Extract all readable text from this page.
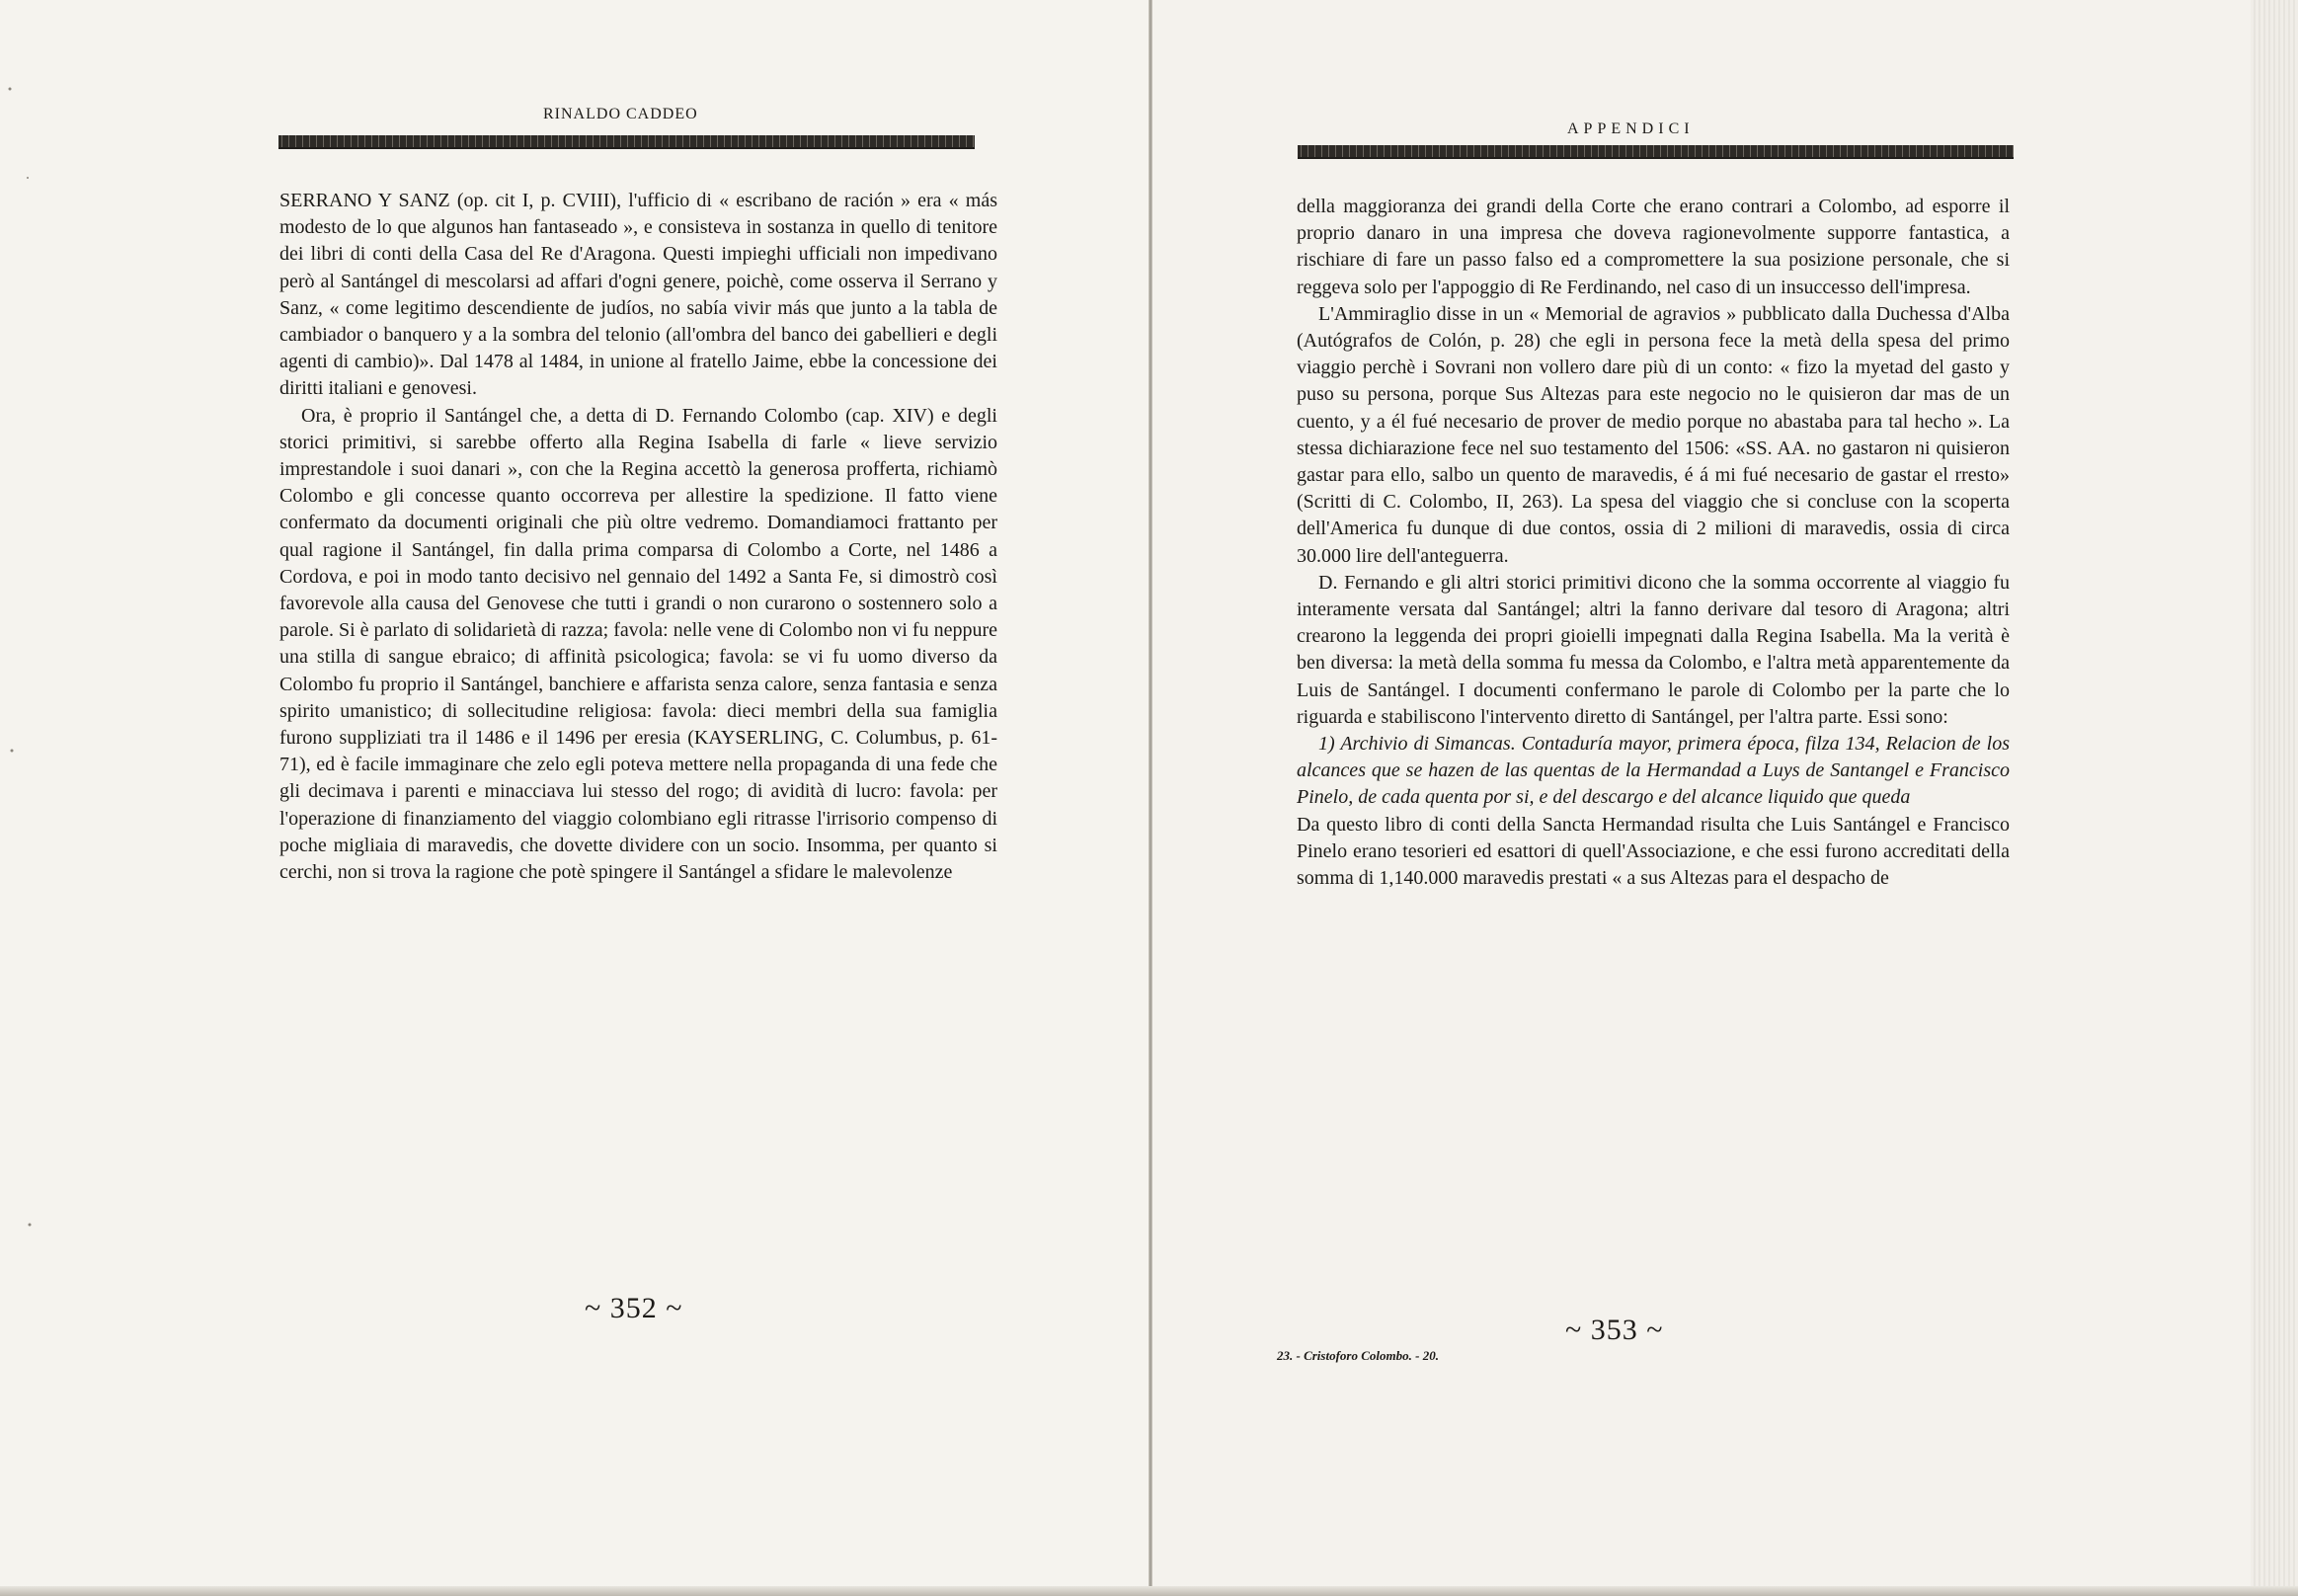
RINALDO CADDEO

SERRANO Y SANZ (op. cit I, p. CVIII), l'ufficio di « escribano de ración » era « más modesto de lo que algunos han fantaseado », e consisteva in sostanza in quello di tenitore dei libri di conti della Casa del Re d'Aragona. Questi impieghi ufficiali non impedivano però al Santángel di mescolarsi ad affari d'ogni genere, poichè, come osserva il Serrano y Sanz, « come legitimo descendiente de judíos, no sabía vivir más que junto a la tabla de cambiador o banquero y a la sombra del telonio (all'ombra del banco dei gabellieri e degli agenti di cambio)». Dal 1478 al 1484, in unione al fratello Jaime, ebbe la concessione dei diritti italiani e genovesi.

Ora, è proprio il Santángel che, a detta di D. Fernando Colombo (cap. XIV) e degli storici primitivi, si sarebbe offerto alla Regina Isabella di farle « lieve servizio imprestandole i suoi danari », con che la Regina accettò la generosa profferta, richiamò Colombo e gli concesse quanto occorreva per allestire la spedizione. Il fatto viene confermato da documenti originali che più oltre vedremo. Domandiamoci frattanto per qual ragione il Santángel, fin dalla prima comparsa di Colombo a Corte, nel 1486 a Cordova, e poi in modo tanto decisivo nel gennaio del 1492 a Santa Fe, si dimostrò così favorevole alla causa del Genovese che tutti i grandi o non curarono o sostennero solo a parole. Si è parlato di solidarietà di razza; favola: nelle vene di Colombo non vi fu neppure una stilla di sangue ebraico; di affinità psicologica; favola: se vi fu uomo diverso da Colombo fu proprio il Santángel, banchiere e affarista senza calore, senza fantasia e senza spirito umanistico; di sollecitudine religiosa: favola: dieci membri della sua famiglia furono suppliziati tra il 1486 e il 1496 per eresia (KAYSERLING, C. Columbus, p. 61-71), ed è facile immaginare che zelo egli poteva mettere nella propaganda di una fede che gli decimava i parenti e minacciava lui stesso del rogo; di avidità di lucro: favola: per l'operazione di finanziamento del viaggio colombiano egli ritrasse l'irrisorio compenso di poche migliaia di maravedis, che dovette dividere con un socio. Insomma, per quanto si cerchi, non si trova la ragione che potè spingere il Santángel a sfidare le malevolenze

~ 352 ~
APPENDICI

della maggioranza dei grandi della Corte che erano contrari a Colombo, ad esporre il proprio danaro in una impresa che doveva ragionevolmente supporre fantastica, a rischiare di fare un passo falso ed a compromettere la sua posizione personale, che si reggeva solo per l'appoggio di Re Ferdinando, nel caso di un insuccesso dell'impresa.

L'Ammiraglio disse in un « Memorial de agravios » pubblicato dalla Duchessa d'Alba (Autógrafos de Colón, p. 28) che egli in persona fece la metà della spesa del primo viaggio perchè i Sovrani non vollero dare più di un conto: « fizo la myetad del gasto y puso su persona, porque Sus Altezas para este negocio no le quisieron dar mas de un cuento, y a él fué necesario de prover de medio porque no abastaba para tal hecho ». La stessa dichiarazione fece nel suo testamento del 1506: «SS. AA. no gastaron ni quisieron gastar para ello, salbo un quento de maravedis, é á mi fué necesario de gastar el rresto» (Scritti di C. Colombo, II, 263). La spesa del viaggio che si concluse con la scoperta dell'America fu dunque di due contos, ossia di 2 milioni di maravedis, ossia di circa 30.000 lire dell'anteguerra.

D. Fernando e gli altri storici primitivi dicono che la somma occorrente al viaggio fu interamente versata dal Santángel; altri la fanno derivare dal tesoro di Aragona; altri crearono la leggenda dei propri gioielli impegnati dalla Regina Isabella. Ma la verità è ben diversa: la metà della somma fu messa da Colombo, e l'altra metà apparentemente da Luis de Santángel. I documenti confermano le parole di Colombo per la parte che lo riguarda e stabiliscono l'intervento diretto di Santángel, per l'altra parte. Essi sono:

1) Archivio di Simancas. Contaduría mayor, primera época, filza 134, Relacion de los alcances que se hazen de las quentas de la Hermandad a Luys de Santangel e Francisco Pinelo, de cada quenta por si, e del descargo e del alcance liquido que queda

Da questo libro di conti della Sancta Hermandad risulta che Luis Santángel e Francisco Pinelo erano tesorieri ed esattori di quell'Associazione, e che essi furono accreditati della somma di 1,140.000 maravedis prestati « a sus Altezas para el despacho de

~ 353 ~
23. - Cristoforo Colombo. - 20.
